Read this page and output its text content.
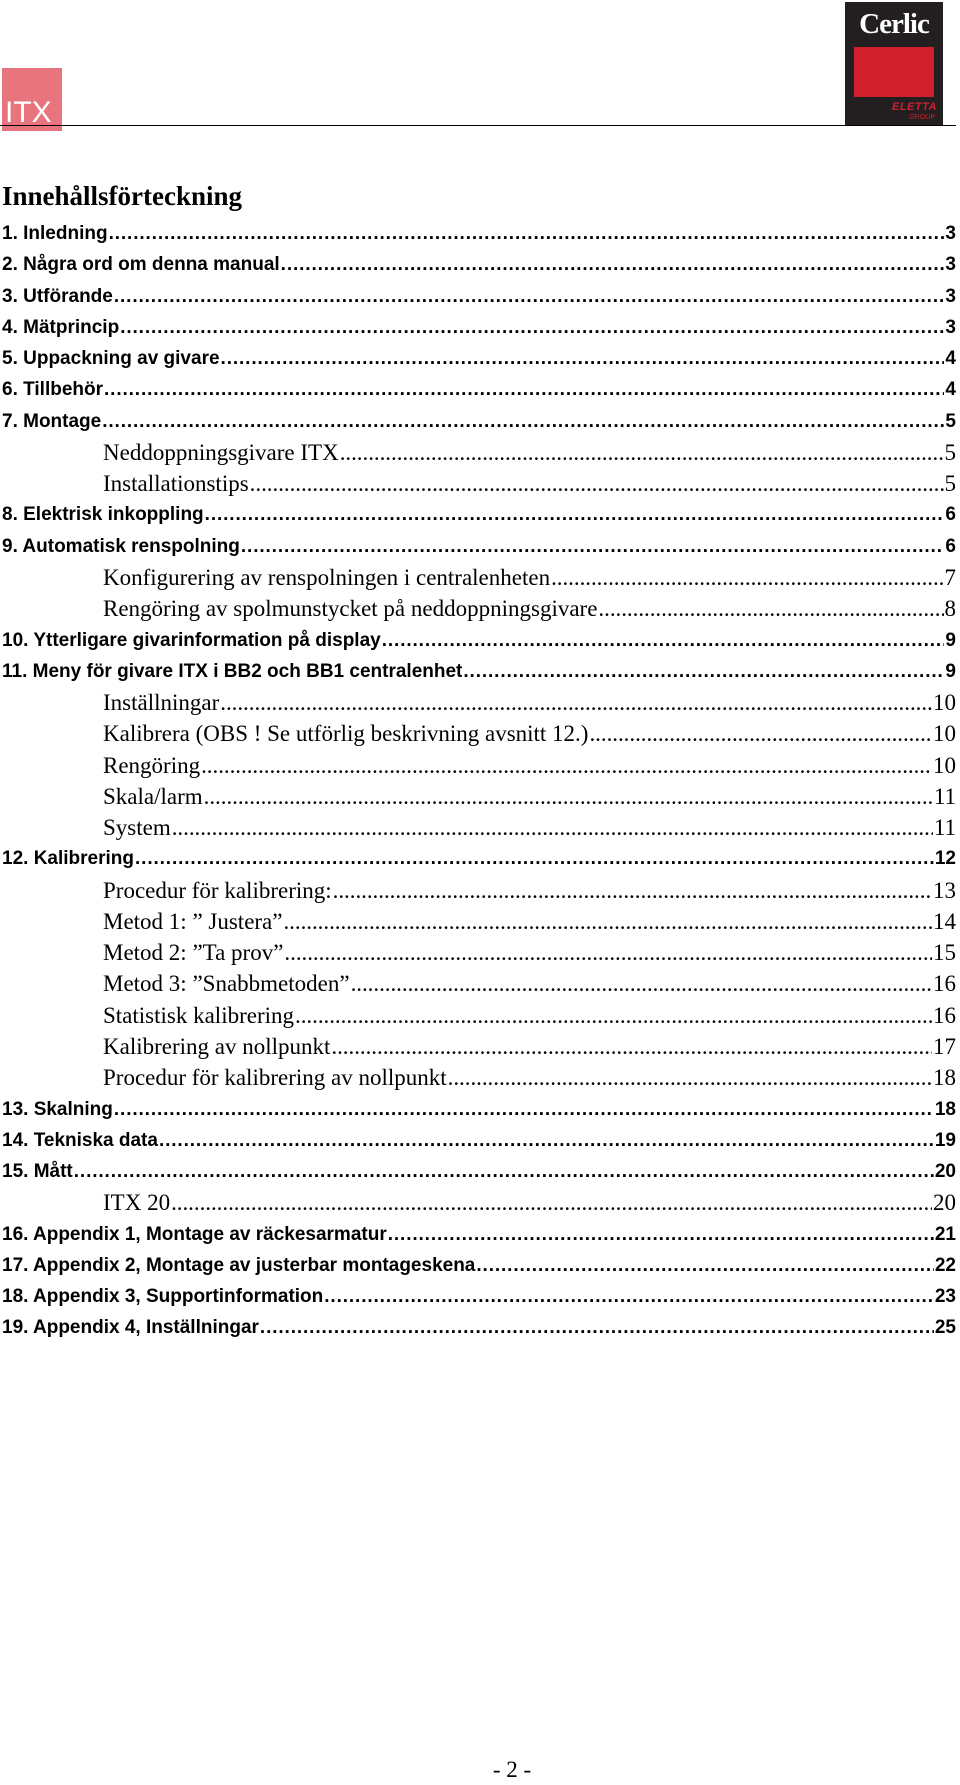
ITX
Cerlic
ELETTA
GROUP
Innehållsförteckning
1. Inledning . . .	3
2. Några ord om denna manual . . .	3
3. Utförande . . .	3
4. Mätprincip . . .	3
5. Uppackning av givare . . .	4
6. Tillbehör . . .	4
7. Montage . . .	5
Neddoppningsgivare ITX . . .	5
Installationstips . . .	5
8. Elektrisk inkoppling . . .	6
9. Automatisk renspolning . . .	6
Konfigurering av renspolningen i centralenheten . . .	7
Rengöring av spolmunstycket på neddoppningsgivare . . .	8
10. Ytterligare givarinformation på display . . .	9
11. Meny för givare ITX i BB2 och BB1 centralenhet . . .	9
Inställningar . . .	10
Kalibrera (OBS ! Se utförlig beskrivning avsnitt 12.) . . .	10
Rengöring . . .	10
Skala/larm . . .	11
System . . .	11
12. Kalibrering . . .	12
Procedur för kalibrering: . . .	13
Metod 1: ” Justera” . . .	14
Metod 2: ”Ta prov” . . .	15
Metod 3: ”Snabbmetoden” . . .	16
Statistisk kalibrering . . .	16
Kalibrering av nollpunkt . . .	17
Procedur för kalibrering av nollpunkt . . .	18
13. Skalning . . .	18
14. Tekniska data . . .	19
15. Mått . . .	20
ITX 20 . . .	20
16. Appendix 1, Montage av räckesarmatur . . .	21
17. Appendix 2, Montage av justerbar montageskena . . .	22
18. Appendix 3, Supportinformation . . .	23
19. Appendix 4, Inställningar . . .	25
- 2 -
